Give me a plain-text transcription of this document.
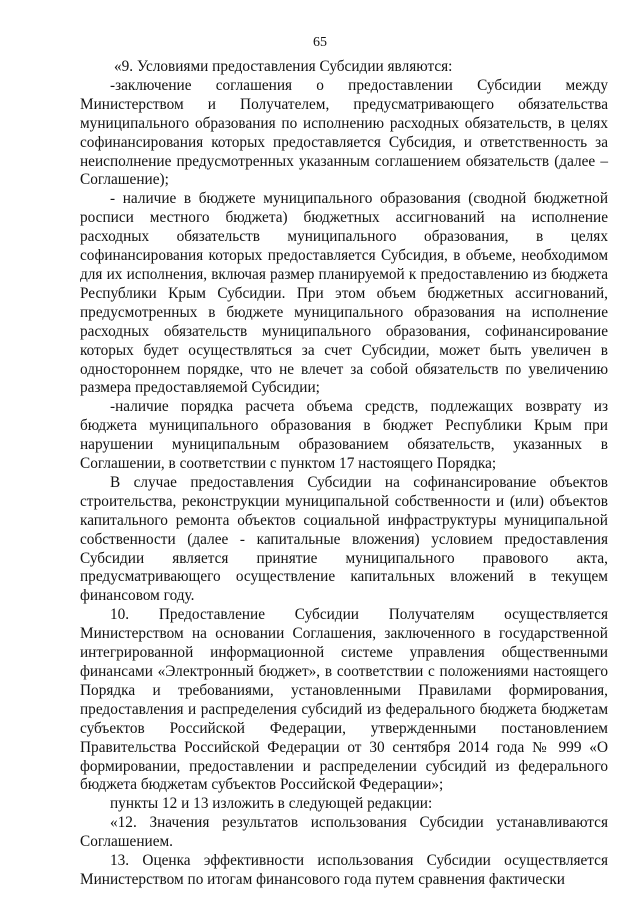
65

«9. Условиями предоставления Субсидии являются:

-заключение соглашения о предоставлении Субсидии между Министерством и Получателем, предусматривающего обязательства муниципального образования по исполнению расходных обязательств, в целях софинансирования которых предоставляется Субсидия, и ответственность за неисполнение предусмотренных указанным соглашением обязательств (далее – Соглашение);

- наличие в бюджете муниципального образования (сводной бюджетной росписи местного бюджета) бюджетных ассигнований на исполнение расходных обязательств муниципального образования, в целях софинансирования которых предоставляется Субсидия, в объеме, необходимом для их исполнения, включая размер планируемой к предоставлению из бюджета Республики Крым Субсидии. При этом объем бюджетных ассигнований, предусмотренных в бюджете муниципального образования на исполнение расходных обязательств муниципального образования, софинансирование которых будет осуществляться за счет Субсидии, может быть увеличен в одностороннем порядке, что не влечет за собой обязательств по увеличению размера предоставляемой Субсидии;

-наличие порядка расчета объема средств, подлежащих возврату из бюджета муниципального образования в бюджет Республики Крым при нарушении муниципальным образованием обязательств, указанных в Соглашении, в соответствии с пунктом 17 настоящего Порядка;

В случае предоставления Субсидии на софинансирование объектов строительства, реконструкции муниципальной собственности и (или) объектов капитального ремонта объектов социальной инфраструктуры муниципальной собственности (далее - капитальные вложения) условием предоставления Субсидии является принятие муниципального правового акта, предусматривающего осуществление капитальных вложений в текущем финансовом году.

10. Предоставление Субсидии Получателям осуществляется Министерством на основании Соглашения, заключенного в государственной интегрированной информационной системе управления общественными финансами «Электронный бюджет», в соответствии с положениями настоящего Порядка и требованиями, установленными Правилами формирования, предоставления и распределения субсидий из федерального бюджета бюджетам субъектов Российской Федерации, утвержденными постановлением Правительства Российской Федерации от 30 сентября 2014 года № 999 «О формировании, предоставлении и распределении субсидий из федерального бюджета бюджетам субъектов Российской Федерации»;

пункты 12 и 13 изложить в следующей редакции:

«12. Значения результатов использования Субсидии устанавливаются Соглашением.

13. Оценка эффективности использования Субсидии осуществляется Министерством по итогам финансового года путем сравнения фактически
